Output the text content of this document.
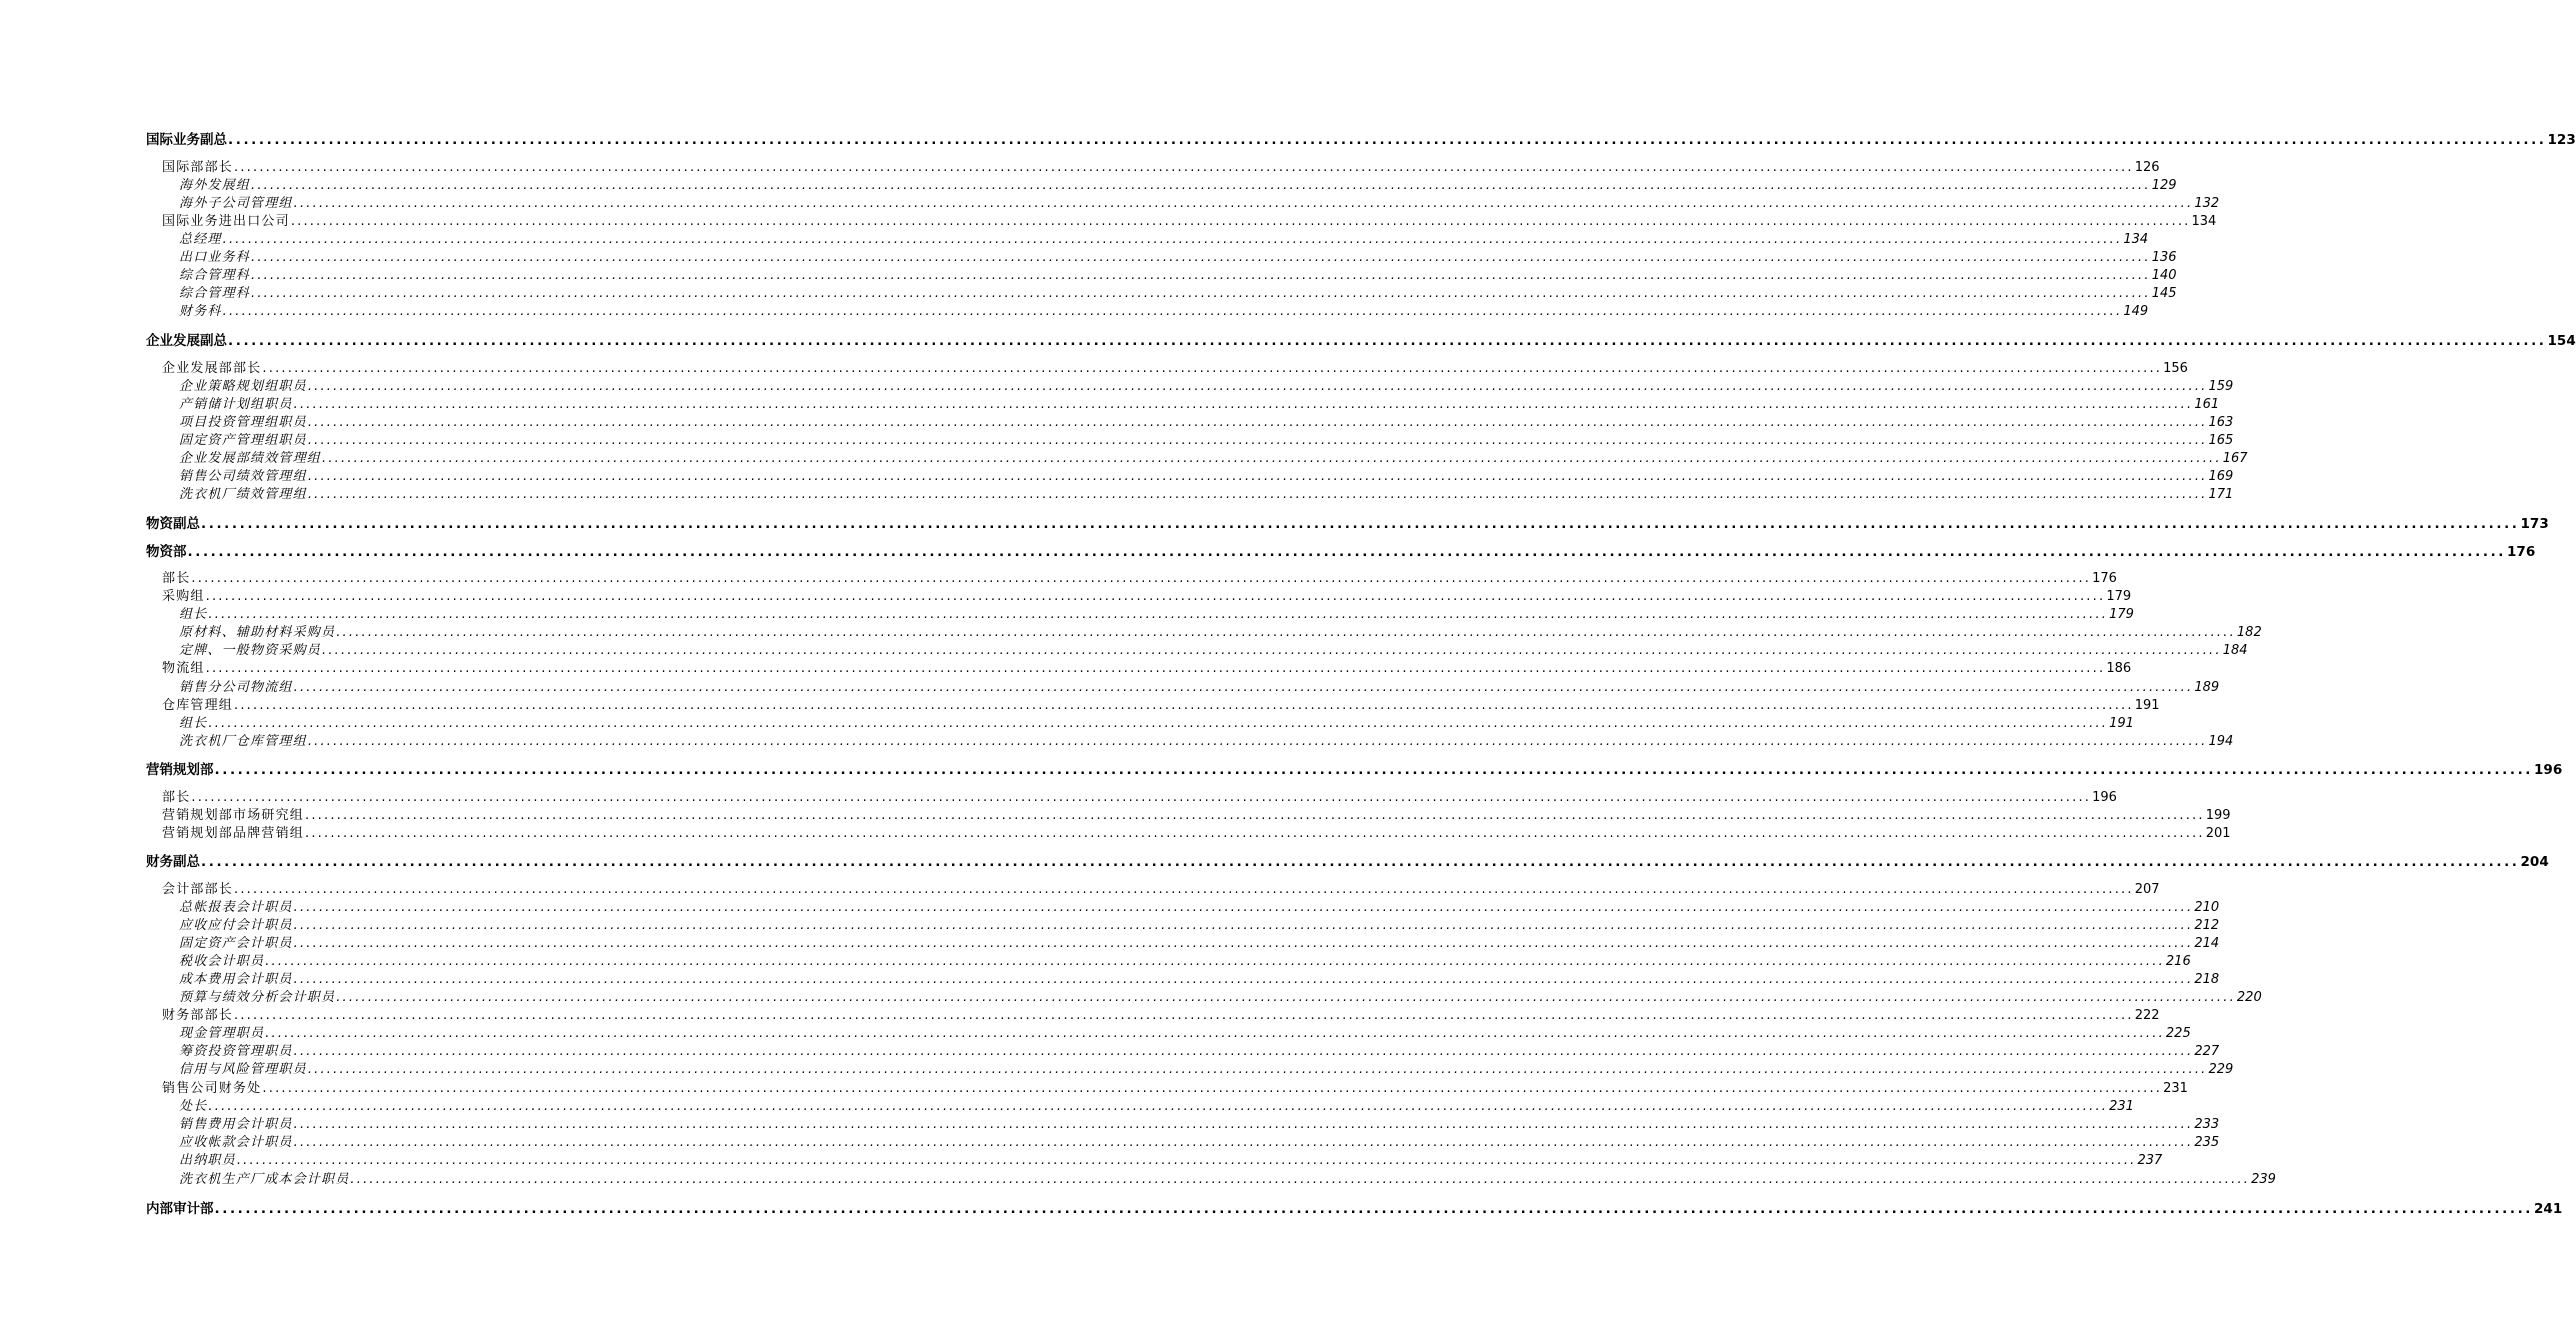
国际业务副总 ............................................................................................................................................................................................................................................................................................................ 123
国际部部长 ............................................................................................................................................................................................................................................................................................................ 126
海外发展组 ............................................................................................................................................................................................................................................................................................................ 129
海外子公司管理组 ............................................................................................................................................................................................................................................................................................................ 132
国际业务进出口公司 ............................................................................................................................................................................................................................................................................................................ 134
总经理 ............................................................................................................................................................................................................................................................................................................ 134
出口业务科 ............................................................................................................................................................................................................................................................................................................ 136
综合管理科 ............................................................................................................................................................................................................................................................................................................ 140
综合管理科 ............................................................................................................................................................................................................................................................................................................ 145
财务科 ............................................................................................................................................................................................................................................................................................................ 149
企业发展副总 ............................................................................................................................................................................................................................................................................................................ 154
企业发展部部长 ............................................................................................................................................................................................................................................................................................................ 156
企业策略规划组职员 ............................................................................................................................................................................................................................................................................................................ 159
产销储计划组职员 ............................................................................................................................................................................................................................................................................................................ 161
项目投资管理组职员 ............................................................................................................................................................................................................................................................................................................ 163
固定资产管理组职员 ............................................................................................................................................................................................................................................................................................................ 165
企业发展部绩效管理组 ............................................................................................................................................................................................................................................................................................................ 167
销售公司绩效管理组 ............................................................................................................................................................................................................................................................................................................ 169
洗衣机厂绩效管理组 ............................................................................................................................................................................................................................................................................................................ 171
物资副总 ............................................................................................................................................................................................................................................................................................................ 173
物资部 ............................................................................................................................................................................................................................................................................................................ 176
部长 ............................................................................................................................................................................................................................................................................................................ 176
采购组 ............................................................................................................................................................................................................................................................................................................ 179
组长 ............................................................................................................................................................................................................................................................................................................ 179
原材料、辅助材料采购员 ............................................................................................................................................................................................................................................................................................................ 182
定牌、一般物资采购员 ............................................................................................................................................................................................................................................................................................................ 184
物流组 ............................................................................................................................................................................................................................................................................................................ 186
销售分公司物流组 ............................................................................................................................................................................................................................................................................................................ 189
仓库管理组 ............................................................................................................................................................................................................................................................................................................ 191
组长 ............................................................................................................................................................................................................................................................................................................ 191
洗衣机厂仓库管理组 ............................................................................................................................................................................................................................................................................................................ 194
营销规划部 ............................................................................................................................................................................................................................................................................................................ 196
部长 ............................................................................................................................................................................................................................................................................................................ 196
营销规划部市场研究组 ............................................................................................................................................................................................................................................................................................................ 199
营销规划部品牌营销组 ............................................................................................................................................................................................................................................................................................................ 201
财务副总 ............................................................................................................................................................................................................................................................................................................ 204
会计部部长 ............................................................................................................................................................................................................................................................................................................ 207
总帐报表会计职员 ............................................................................................................................................................................................................................................................................................................ 210
应收应付会计职员 ............................................................................................................................................................................................................................................................................................................ 212
固定资产会计职员 ............................................................................................................................................................................................................................................................................................................ 214
税收会计职员 ............................................................................................................................................................................................................................................................................................................ 216
成本费用会计职员 ............................................................................................................................................................................................................................................................................................................ 218
预算与绩效分析会计职员 ............................................................................................................................................................................................................................................................................................................ 220
财务部部长 ............................................................................................................................................................................................................................................................................................................ 222
现金管理职员 ............................................................................................................................................................................................................................................................................................................ 225
筹资投资管理职员 ............................................................................................................................................................................................................................................................................................................ 227
信用与风险管理职员 ............................................................................................................................................................................................................................................................................................................ 229
销售公司财务处 ............................................................................................................................................................................................................................................................................................................ 231
处长 ............................................................................................................................................................................................................................................................................................................ 231
销售费用会计职员 ............................................................................................................................................................................................................................................................................................................ 233
应收帐款会计职员 ............................................................................................................................................................................................................................................................................................................ 235
出纳职员 ............................................................................................................................................................................................................................................................................................................ 237
洗衣机生产厂成本会计职员 ............................................................................................................................................................................................................................................................................................................ 239
内部审计部 ............................................................................................................................................................................................................................................................................................................ 241
